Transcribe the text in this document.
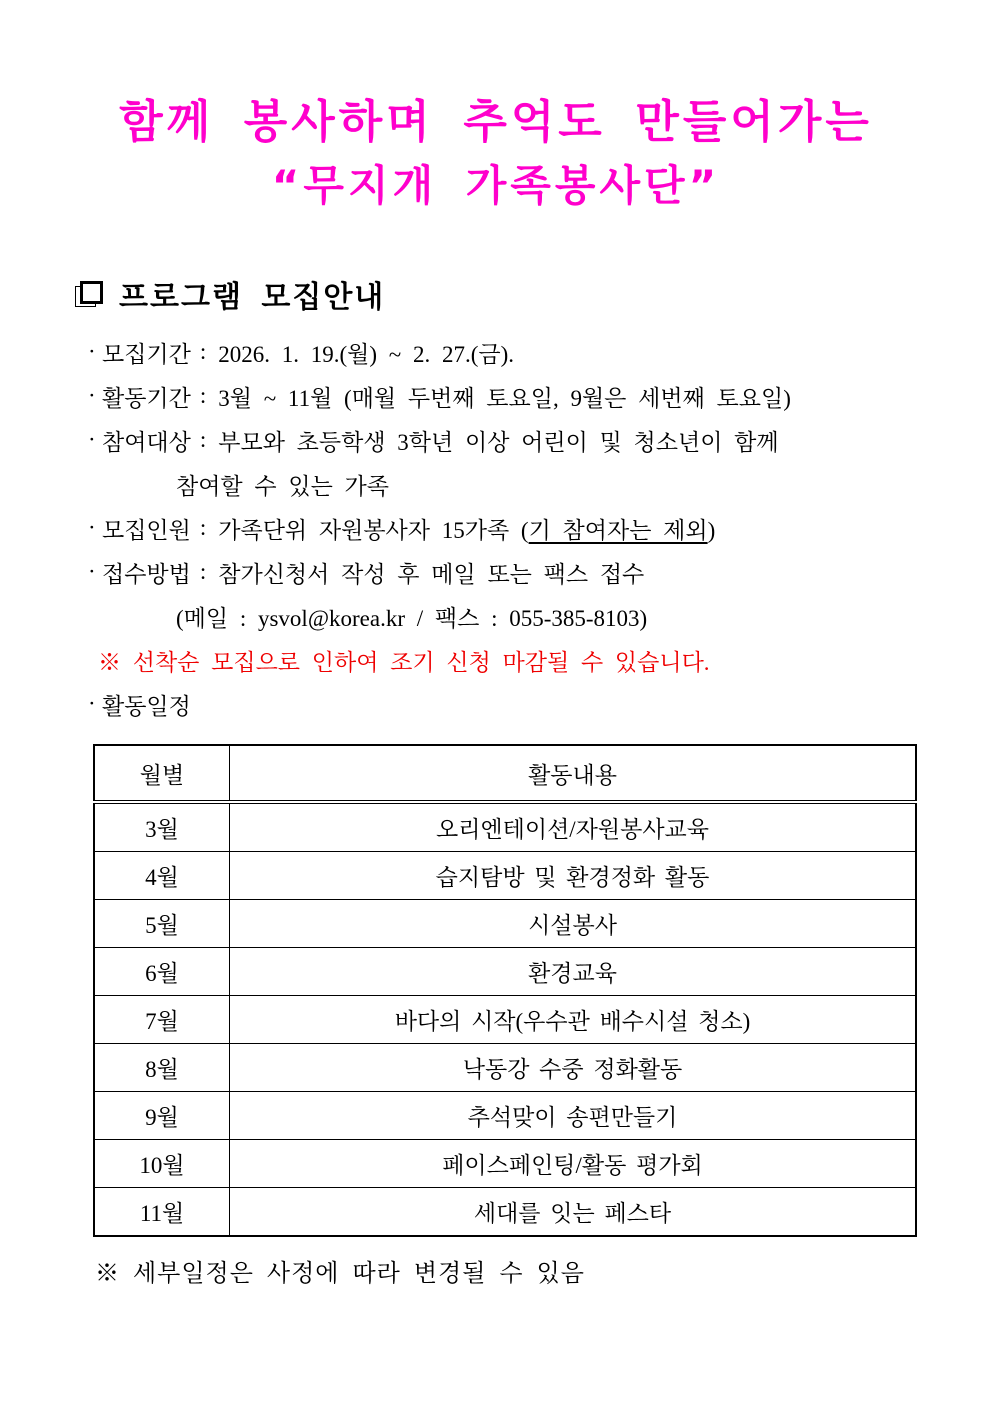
함께 봉사하며 추억도 만들어가는
“무지개 가족봉사단”
프로그램 모집안내
· 모집기간 : 2026. 1. 19.(월) ~ 2. 27.(금).
· 활동기간 : 3월 ~ 11월 (매월 두번째 토요일, 9월은 세번째 토요일)
· 참여대상 : 부모와 초등학생 3학년 이상 어린이 및 청소년이 함께
참여할 수 있는 가족
· 모집인원 : 가족단위 자원봉사자 15가족 (기 참여자는 제외)
· 접수방법 : 참가신청서 작성 후 메일 또는 팩스 접수
(메일 : ysvol@korea.kr / 팩스 : 055-385-8103)
※ 선착순 모집으로 인하여 조기 신청 마감될 수 있습니다.
· 활동일정
월별	활동내용
3월	오리엔테이션/자원봉사교육
4월	습지탐방 및 환경정화 활동
5월	시설봉사
6월	환경교육
7월	바다의 시작(우수관 배수시설 청소)
8월	낙동강 수중 정화활동
9월	추석맞이 송편만들기
10월	페이스페인팅/활동 평가회
11월	세대를 잇는 페스타
※ 세부일정은 사정에 따라 변경될 수 있음
